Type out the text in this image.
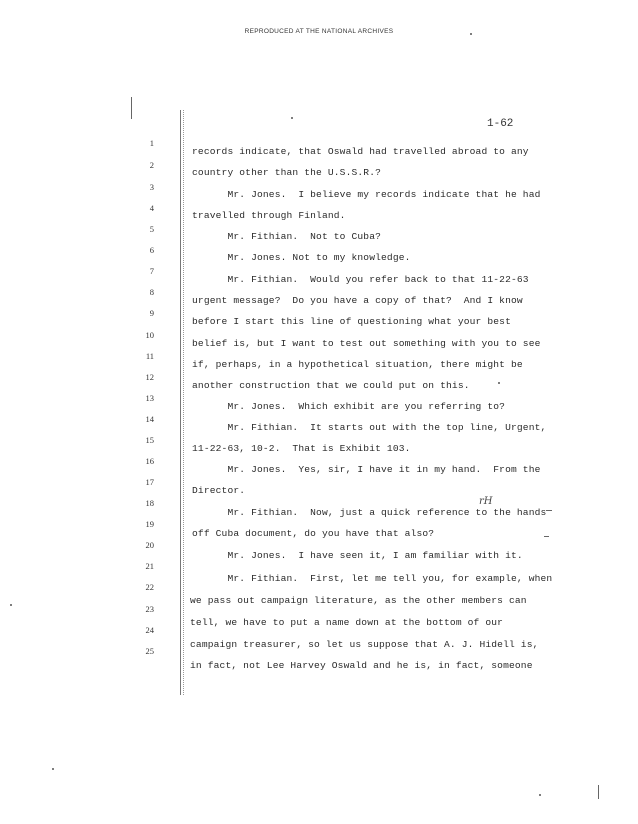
REPRODUCED AT THE NATIONAL ARCHIVES
1-62
1
2
3
4
5
6
7
8
9
10
11
12
13
14
15
16
17
18
19
20
21
22
23
24
25
records indicate, that Oswald had travelled abroad to any
country other than the U.S.S.R.?
Mr. Jones.  I believe my records indicate that he had
travelled through Finland.
Mr. Fithian.  Not to Cuba?
Mr. Jones. Not to my knowledge.
Mr. Fithian.  Would you refer back to that 11-22-63
urgent message?  Do you have a copy of that?  And I know
before I start this line of questioning what your best
belief is, but I want to test out something with you to see
if, perhaps, in a hypothetical situation, there might be
another construction that we could put on this.
Mr. Jones.  Which exhibit are you referring to?
Mr. Fithian.  It starts out with the top line, Urgent,
11-22-63, 10-2.  That is Exhibit 103.
Mr. Jones.  Yes, sir, I have it in my hand.  From the
Director.
Mr. Fithian.  Now, just a quick reference to the hands
off Cuba document, do you have that also?
Mr. Jones.  I have seen it, I am familiar with it.
Mr. Fithian.  First, let me tell you, for example, when
we pass out campaign literature, as the other members can
tell, we have to put a name down at the bottom of our
campaign treasurer, so let us suppose that A. J. Hidell is,
in fact, not Lee Harvey Oswald and he is, in fact, someone
rH
